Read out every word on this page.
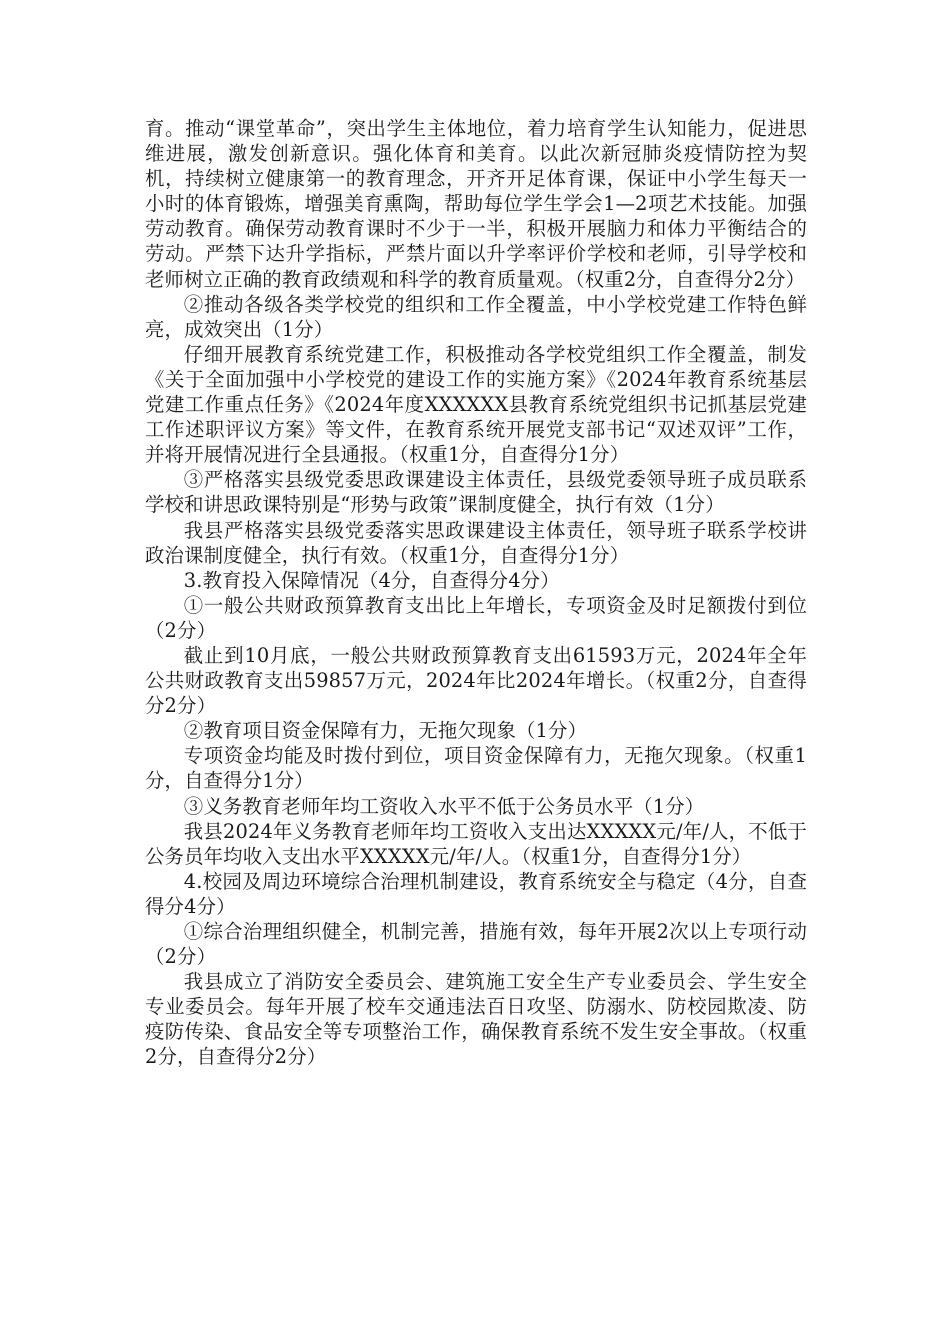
育。推动“课堂革命”，突出学生主体地位，着力培育学生认知能力，促进思维进展，激发创新意识。强化体育和美育。以此次新冠肺炎疫情防控为契机，持续树立健康第一的教育理念，开齐开足体育课，保证中小学生每天一小时的体育锻炼，增强美育熏陶，帮助每位学生学会1—2项艺术技能。加强劳动教育。确保劳动教育课时不少于一半，积极开展脑力和体力平衡结合的劳动。严禁下达升学指标，严禁片面以升学率评价学校和老师，引导学校和老师树立正确的教育政绩观和科学的教育质量观。（权重2分，自查得分2分）

②推动各级各类学校党的组织和工作全覆盖，中小学校党建工作特色鲜亮，成效突出（1分）

仔细开展教育系统党建工作，积极推动各学校党组织工作全覆盖，制发《关于全面加强中小学校党的建设工作的实施方案》《2024年教育系统基层党建工作重点任务》《2024年度XXXXXX县教育系统党组织书记抓基层党建工作述职评议方案》等文件，在教育系统开展党支部书记“双述双评”工作，并将开展情况进行全县通报。（权重1分，自查得分1分）

③严格落实县级党委思政课建设主体责任，县级党委领导班子成员联系学校和讲思政课特别是“形势与政策”课制度健全，执行有效（1分）

我县严格落实县级党委落实思政课建设主体责任，领导班子联系学校讲政治课制度健全，执行有效。（权重1分，自查得分1分）

3.教育投入保障情况（4分，自查得分4分）

①一般公共财政预算教育支出比上年增长，专项资金及时足额拨付到位（2分）

截止到10月底，一般公共财政预算教育支出61593万元，2024年全年公共财政教育支出59857万元，2024年比2024年增长。（权重2分，自查得分2分）

②教育项目资金保障有力，无拖欠现象（1分）

专项资金均能及时拨付到位，项目资金保障有力，无拖欠现象。（权重1分，自查得分1分）

③义务教育老师年均工资收入水平不低于公务员水平（1分）

我县2024年义务教育老师年均工资收入支出达XXXXX元/年/人，不低于公务员年均收入支出水平XXXXX元/年/人。（权重1分，自查得分1分）

4.校园及周边环境综合治理机制建设，教育系统安全与稳定（4分，自查得分4分）

①综合治理组织健全，机制完善，措施有效，每年开展2次以上专项行动（2分）

我县成立了消防安全委员会、建筑施工安全生产专业委员会、学生安全专业委员会。每年开展了校车交通违法百日攻坚、防溺水、防校园欺凌、防疫防传染、食品安全等专项整治工作，确保教育系统不发生安全事故。（权重2分，自查得分2分）
